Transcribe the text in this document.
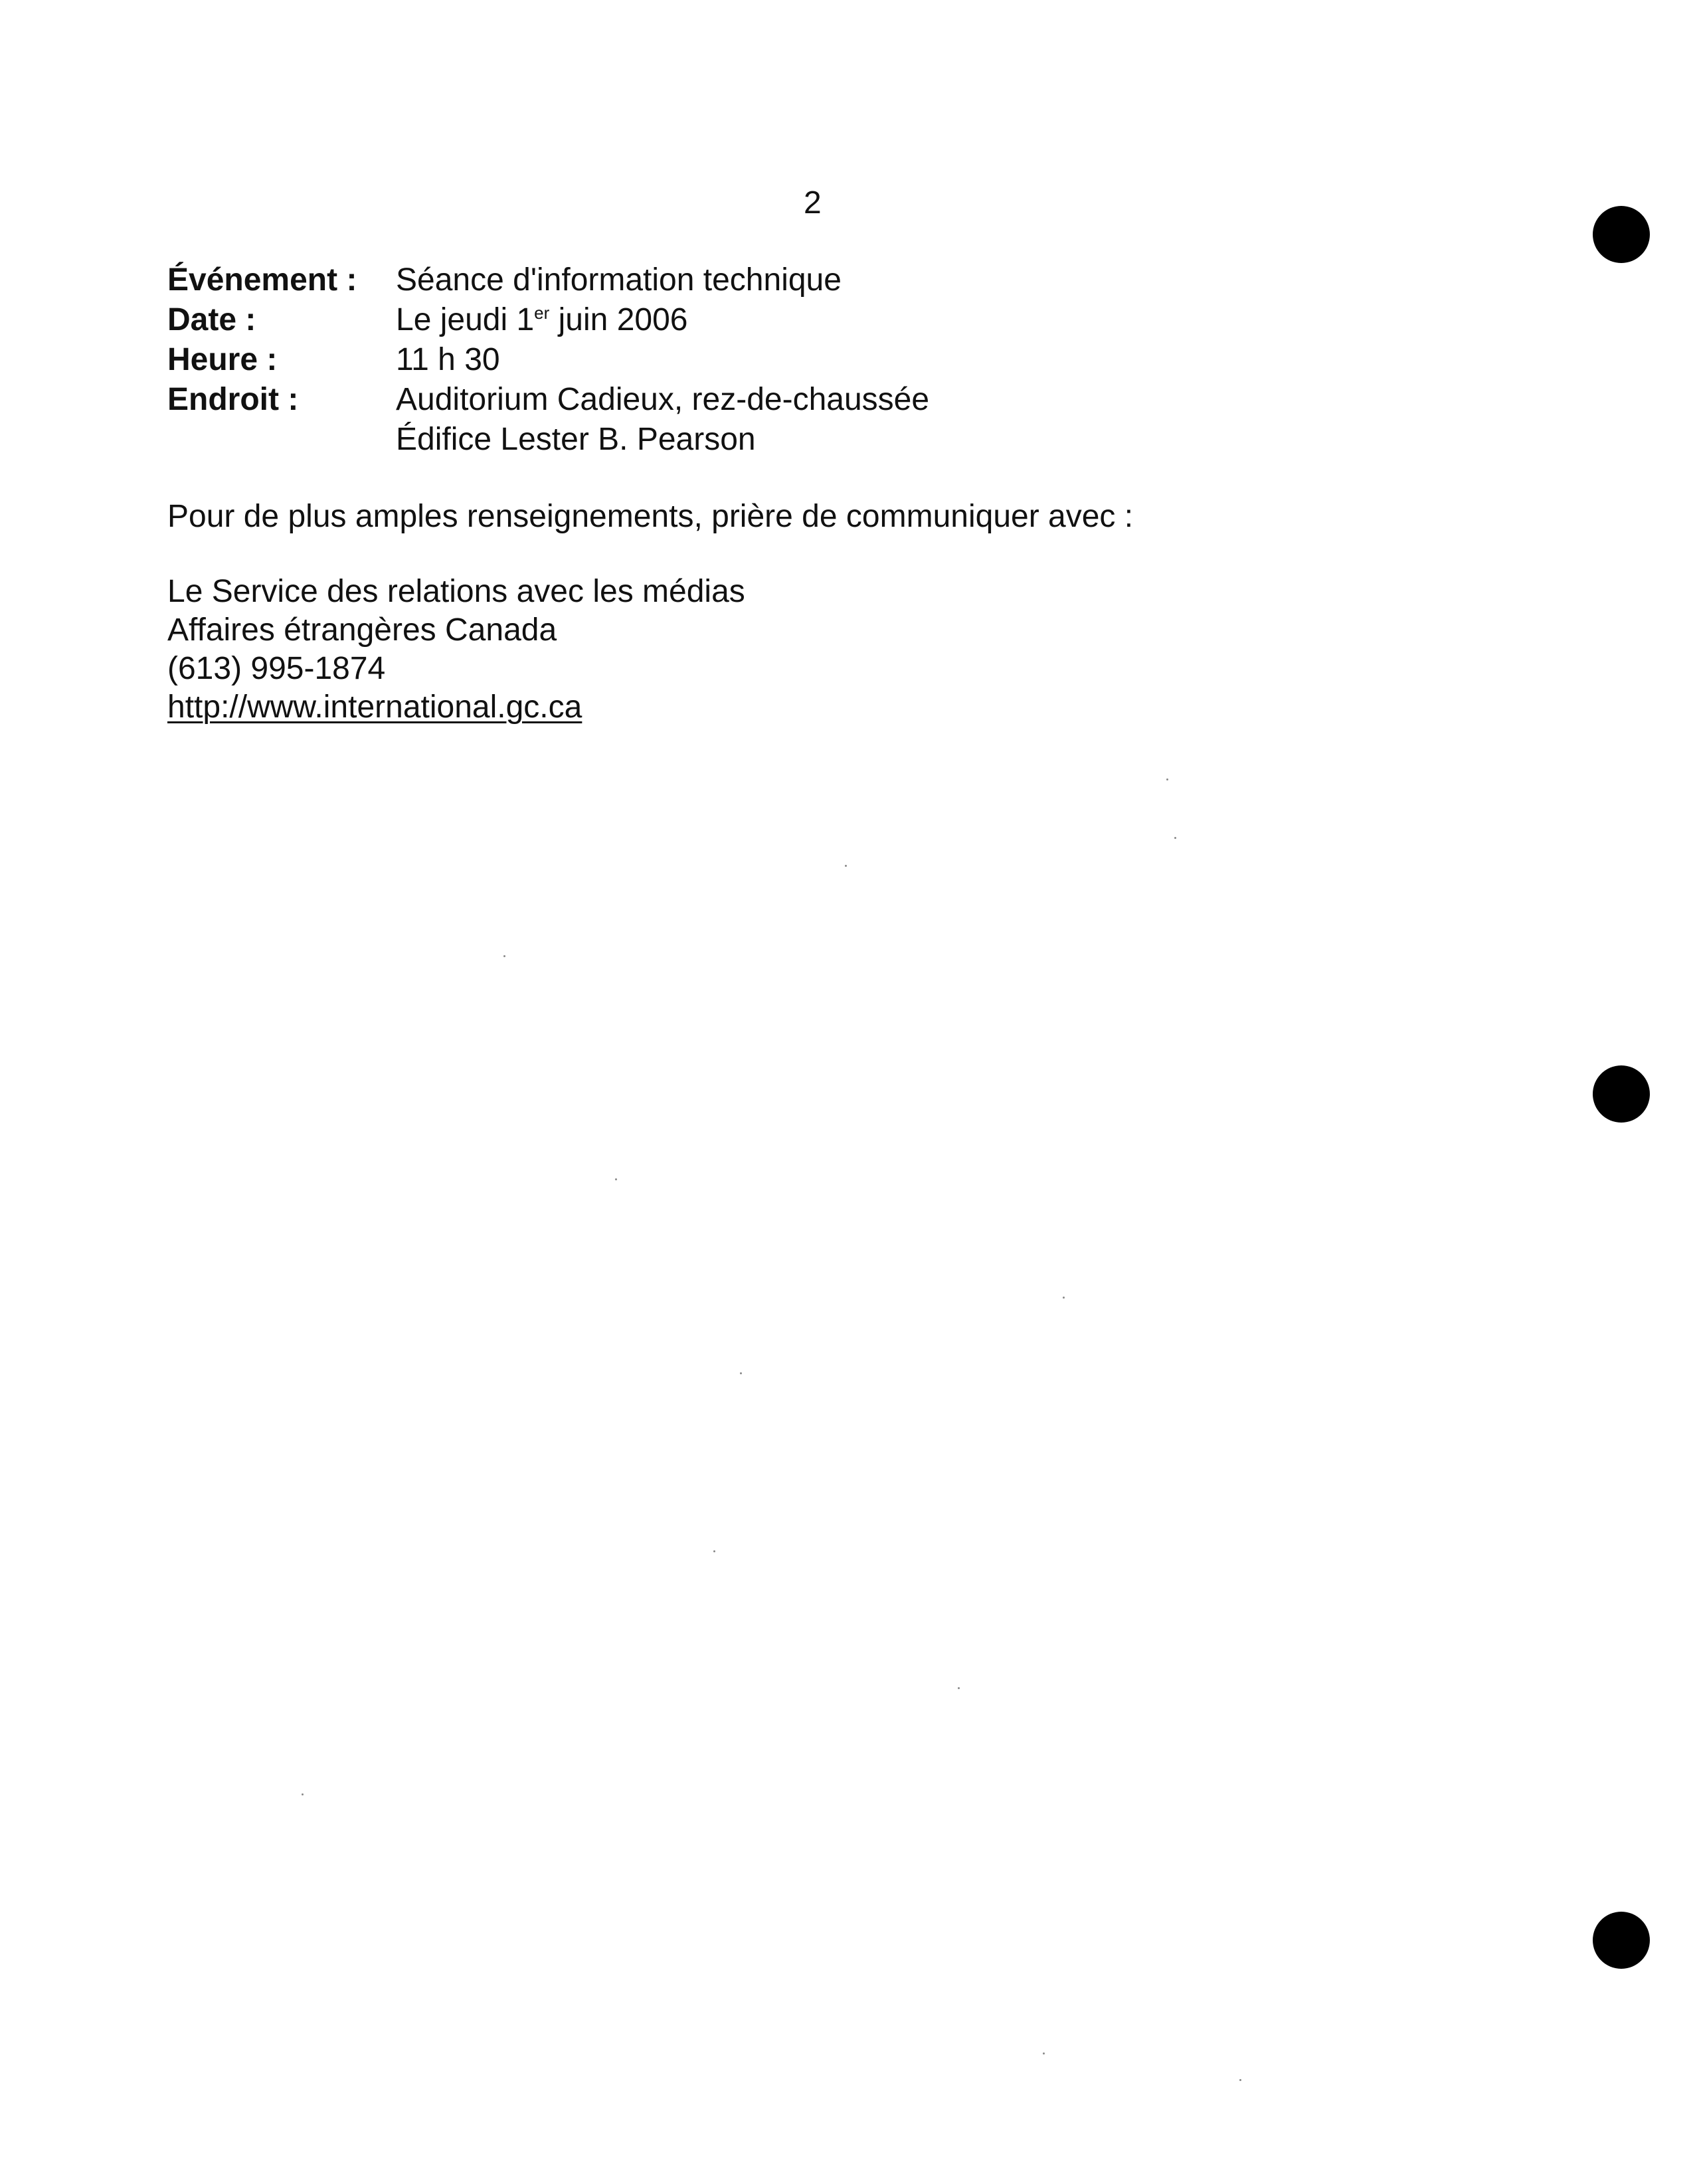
2
Événement :	Séance d'information technique
Date :	Le jeudi 1er juin 2006
Heure :	11 h 30
Endroit :	Auditorium Cadieux, rez-de-chaussée
Édifice Lester B. Pearson
Pour de plus amples renseignements, prière de communiquer avec :
Le Service des relations avec les médias
Affaires étrangères Canada
(613) 995-1874
http://www.international.gc.ca
